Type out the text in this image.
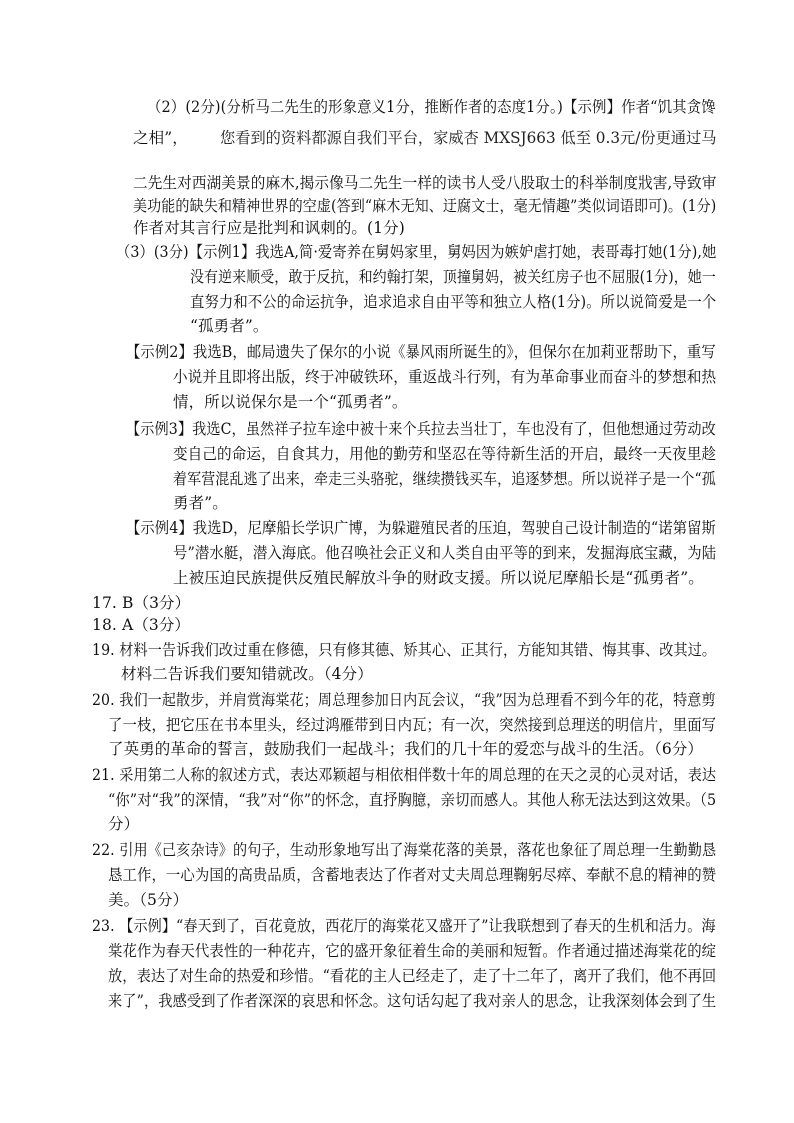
（2）(2分)(分析马二先生的形象意义1分，推断作者的态度1分。)【示例】作者“饥其贪馋
之相”， 您看到的资料都源自我们平台，家威杏 MXSJ663 低至 0.3元/份更通过马
二先生对西湖美景的麻木,揭示像马二先生一样的读书人受八股取士的科举制度戕害,导致审
美功能的缺失和精神世界的空虚(答到“麻木无知、迂腐文士，毫无情趣”类似词语即可)。(1分)
作者对其言行应是批判和讽刺的。(1分)
（3）(3分)【示例1】我选A,简·爱寄养在舅妈家里，舅妈因为嫉妒虐打她，表哥毒打她(1分),她
没有逆来顺受，敢于反抗，和约翰打架，顶撞舅妈，被关红房子也不屈服(1分)，她一
直努力和不公的命运抗争，追求追求自由平等和独立人格(1分)。所以说简爱是一个
“孤勇者”。
【示例2】我选B，邮局遗失了保尔的小说《暴风雨所诞生的》，但保尔在加莉亚帮助下，重写
小说并且即将出版，终于冲破铁环，重返战斗行列，有为革命事业而奋斗的梦想和热
情，所以说保尔是一个“孤勇者”。
【示例3】我选C，虽然祥子拉车途中被十来个兵拉去当壮丁，车也没有了，但他想通过劳动改
变自己的命运，自食其力，用他的勤劳和坚忍在等待新生活的开启，最终一天夜里趁
着军营混乱逃了出来，牵走三头骆驼，继续攒钱买车，追逐梦想。所以说祥子是一个“孤
勇者”。
【示例4】我选D，尼摩船长学识广博，为躲避殖民者的压迫，驾驶自己设计制造的“诺第留斯
号”潜水艇，潜入海底。他召唤社会正义和人类自由平等的到来，发掘海底宝藏，为陆
上被压迫民族提供反殖民解放斗争的财政支援。所以说尼摩船长是“孤勇者”。
17. B（3分）
18. A（3分）
19. 材料一告诉我们改过重在修德，只有修其德、矫其心、正其行，方能知其错、悔其事、改其过。
材料二告诉我们要知错就改。（4分）
20. 我们一起散步，并肩赏海棠花；周总理参加日内瓦会议，“我”因为总理看不到今年的花，特意剪
了一枝，把它压在书本里头，经过鸿雁带到日内瓦；有一次，突然接到总理送的明信片，里面写
了英勇的革命的誓言，鼓励我们一起战斗；我们的几十年的爱恋与战斗的生活。（6分）
21. 采用第二人称的叙述方式，表达邓颖超与相依相伴数十年的周总理的在天之灵的心灵对话，表达
“你”对“我”的深情，“我”对“你”的怀念，直抒胸臆，亲切而感人。其他人称无法达到这效果。（5
分）
22. 引用《己亥杂诗》的句子，生动形象地写出了海棠花落的美景，落花也象征了周总理一生勤勤恳
恳工作，一心为国的高贵品质，含蓄地表达了作者对丈夫周总理鞠躬尽瘁、奉献不息的精神的赞
美。（5分）
23. 【示例】“春天到了，百花竟放，西花厅的海棠花又盛开了”让我联想到了春天的生机和活力。海
棠花作为春天代表性的一种花卉，它的盛开象征着生命的美丽和短暂。作者通过描述海棠花的绽
放，表达了对生命的热爱和珍惜。“看花的主人已经走了，走了十二年了，离开了我们，他不再回
来了”，我感受到了作者深深的哀思和怀念。这句话勾起了我对亲人的思念，让我深刻体会到了生
